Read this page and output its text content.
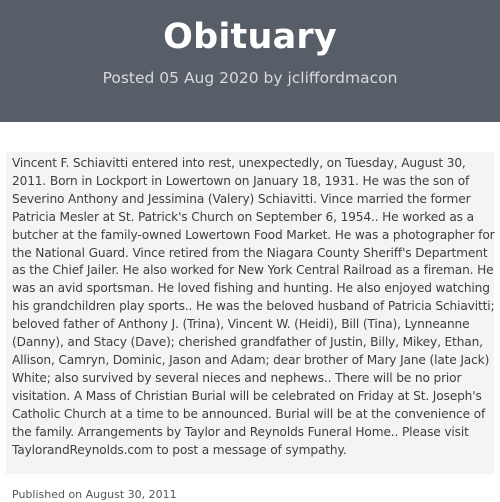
Obituary
Posted 05 Aug 2020 by jcliffordmacon

Vincent F. Schiavitti entered into rest, unexpectedly, on Tuesday, August 30, 2011. Born in Lockport in Lowertown on January 18, 1931. He was the son of Severino Anthony and Jessimina (Valery) Schiavitti. Vince married the former Patricia Mesler at St. Patrick's Church on September 6, 1954.. He worked as a butcher at the family-owned Lowertown Food Market. He was a photographer for the National Guard. Vince retired from the Niagara County Sheriff's Department as the Chief Jailer. He also worked for New York Central Railroad as a fireman. He was an avid sportsman. He loved fishing and hunting. He also enjoyed watching his grandchildren play sports.. He was the beloved husband of Patricia Schiavitti; beloved father of Anthony J. (Trina), Vincent W. (Heidi), Bill (Tina), Lynneanne (Danny), and Stacy (Dave); cherished grandfather of Justin, Billy, Mikey, Ethan, Allison, Camryn, Dominic, Jason and Adam; dear brother of Mary Jane (late Jack) White; also survived by several nieces and nephews.. There will be no prior visitation. A Mass of Christian Burial will be celebrated on Friday at St. Joseph's Catholic Church at a time to be announced. Burial will be at the convenience of the family. Arrangements by Taylor and Reynolds Funeral Home.. Please visit TaylorandReynolds.com to post a message of sympathy.

Published on August 30, 2011
